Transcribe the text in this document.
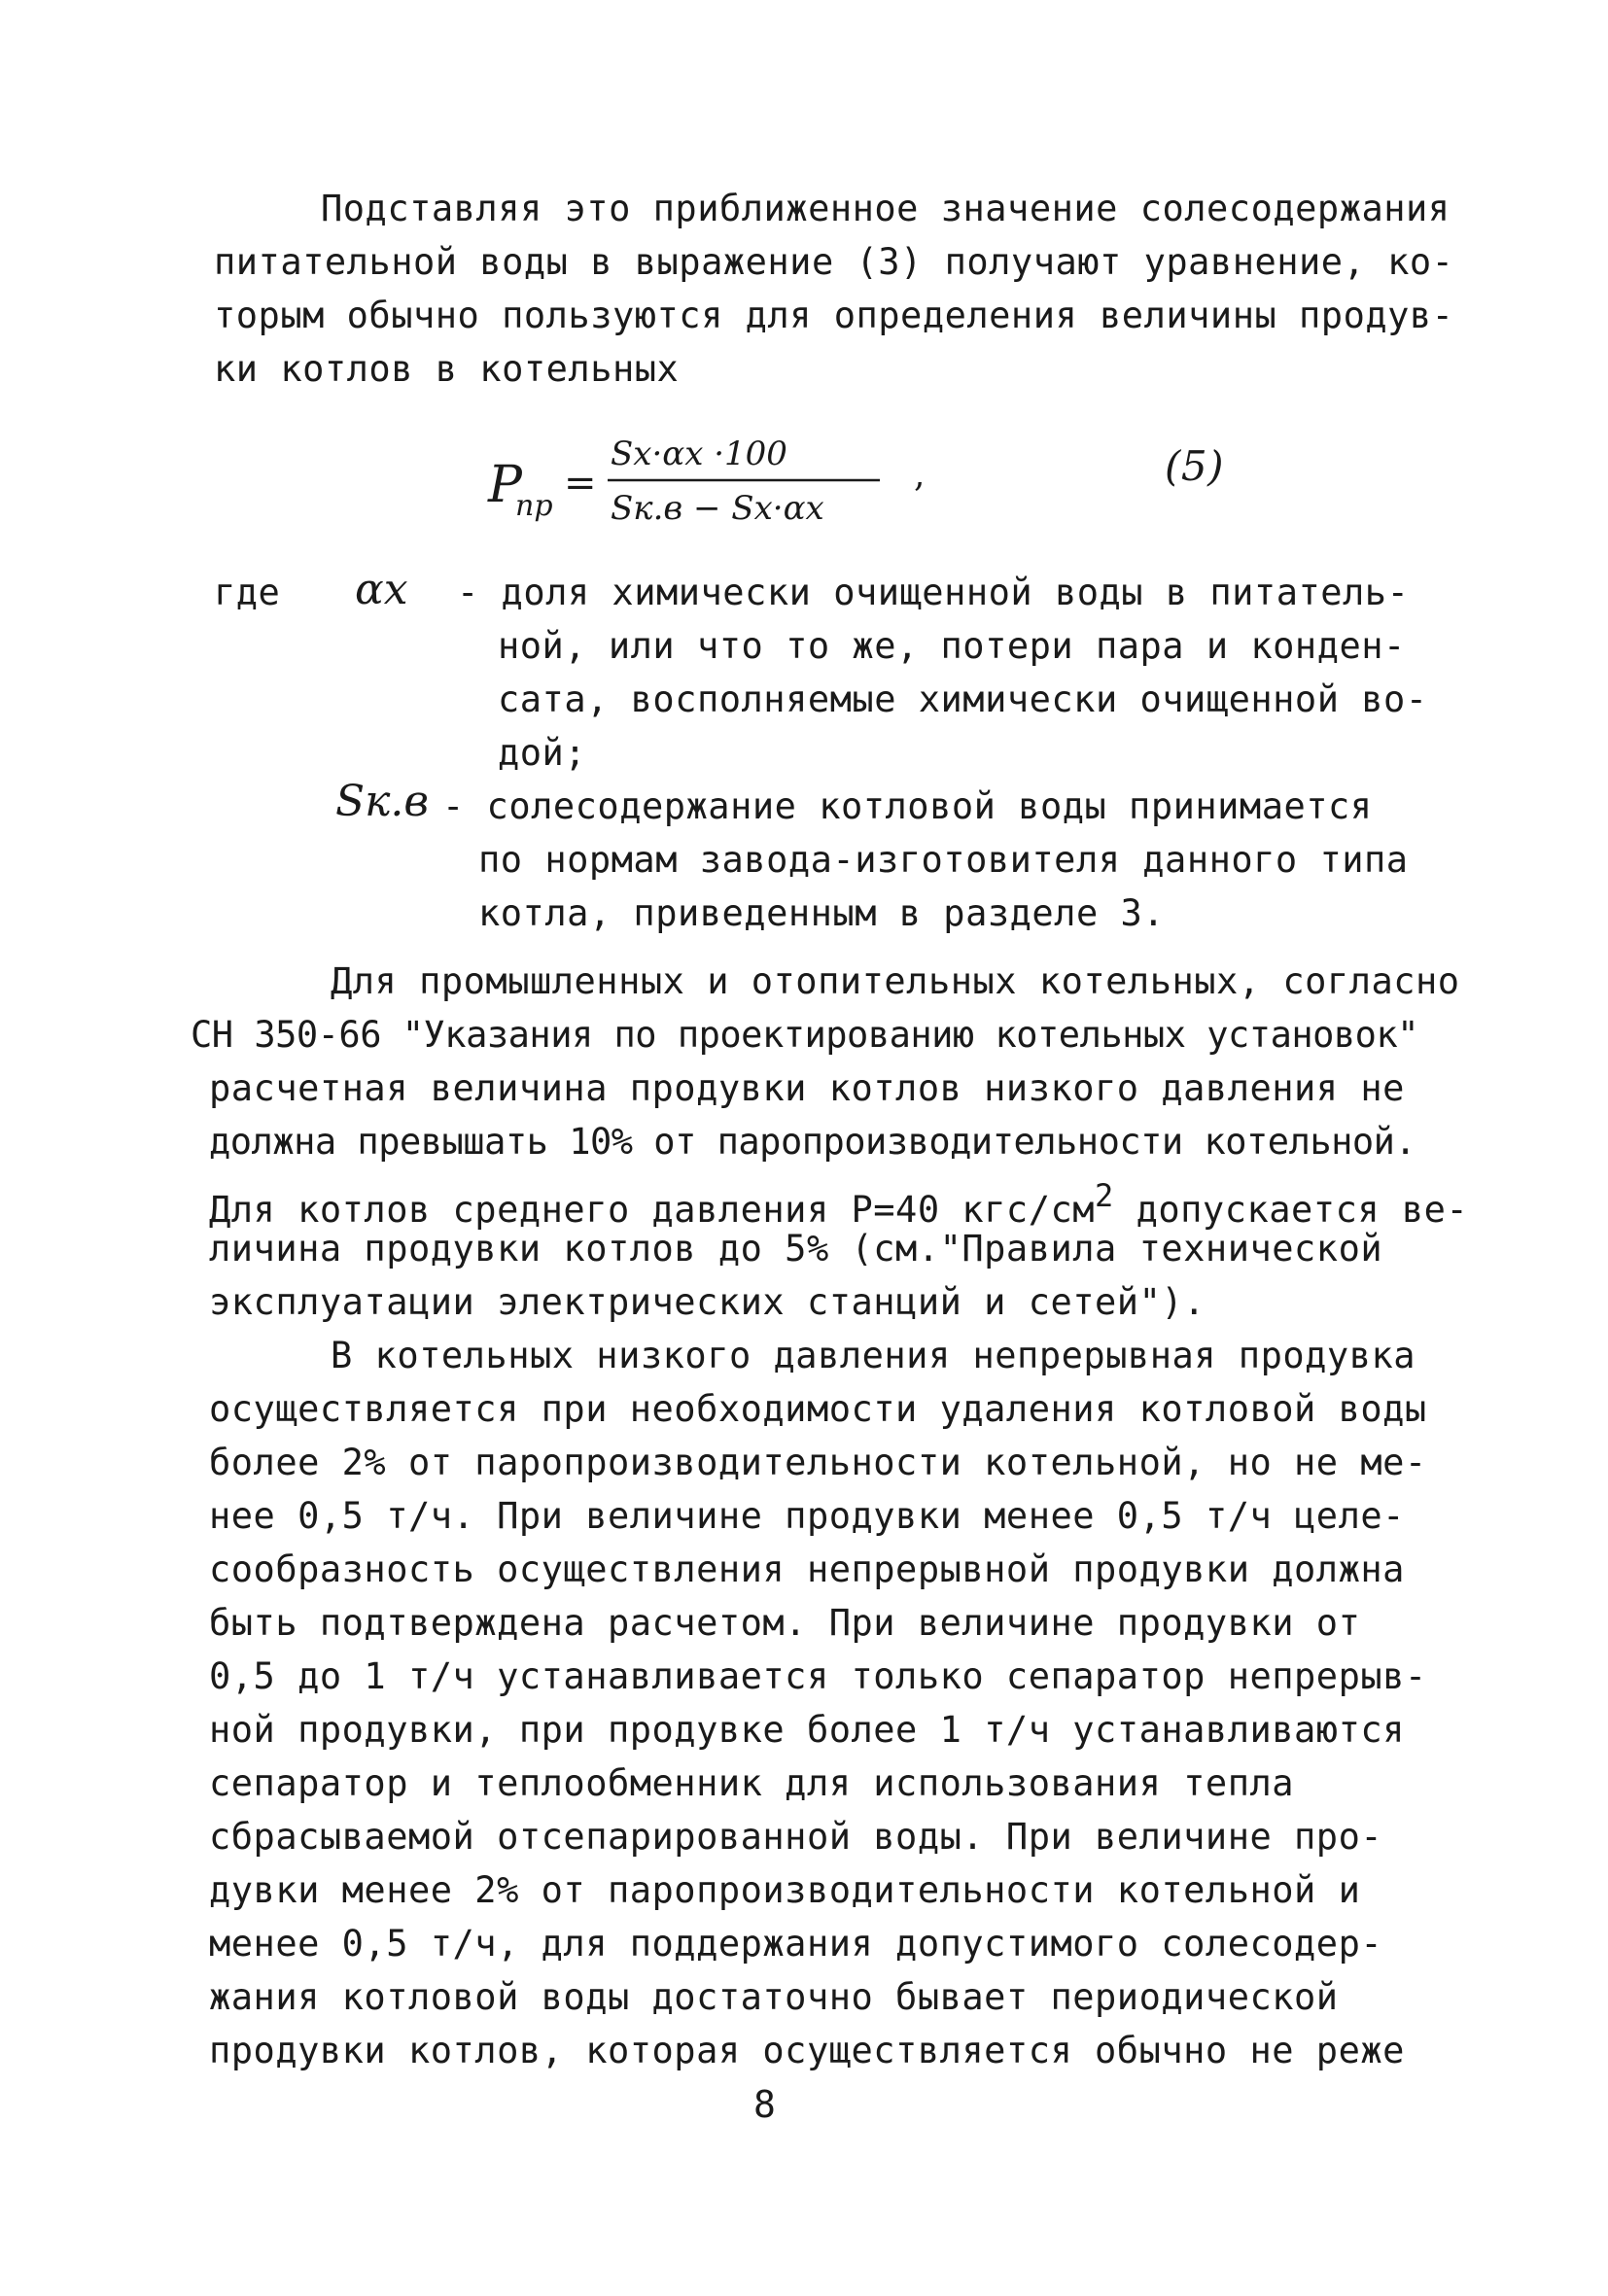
Подставляя это приближенное значение солесодержания
питательной воды в выражение (3) получают уравнение, ко-
торым обычно пользуются для определения величины продув-
ки котлов в котельных
P
пр
=
Sx·αx ·100
Sк.в − Sx·αx
,	(5)
где αx - доля химически очищенной воды в питатель-
ной, или что то же, потери пара и конден-
сата, восполняемые химически очищенной во-
дой;
Sк.в - солесодержание котловой воды принимается
по нормам завода-изготовителя данного типа
котла, приведенным в разделе 3.
Для промышленных и отопительных котельных, согласно
СН 350-66 "Указания по проектированию котельных установок"
расчетная величина продувки котлов низкого давления не
должна превышать 10% от паропроизводительности котельной.
Для котлов среднего давления Р=40 кгс/см2 допускается ве-
личина продувки котлов до 5% (см."Правила технической
эксплуатации электрических станций и сетей").
В котельных низкого давления непрерывная продувка
осуществляется при необходимости удаления котловой воды
более 2% от паропроизводительности котельной, но не ме-
нее 0,5 т/ч. При величине продувки менее 0,5 т/ч целе-
сообразность осуществления непрерывной продувки должна
быть подтверждена расчетом. При величине продувки от
0,5 до 1 т/ч устанавливается только сепаратор непрерыв-
ной продувки, при продувке более 1 т/ч устанавливаются
сепаратор и теплообменник для использования тепла
сбрасываемой отсепарированной воды. При величине про-
дувки менее 2% от паропроизводительности котельной и
менее 0,5 т/ч, для поддержания допустимого солесодер-
жания котловой воды достаточно бывает периодической
продувки котлов, которая осуществляется обычно не реже
8
